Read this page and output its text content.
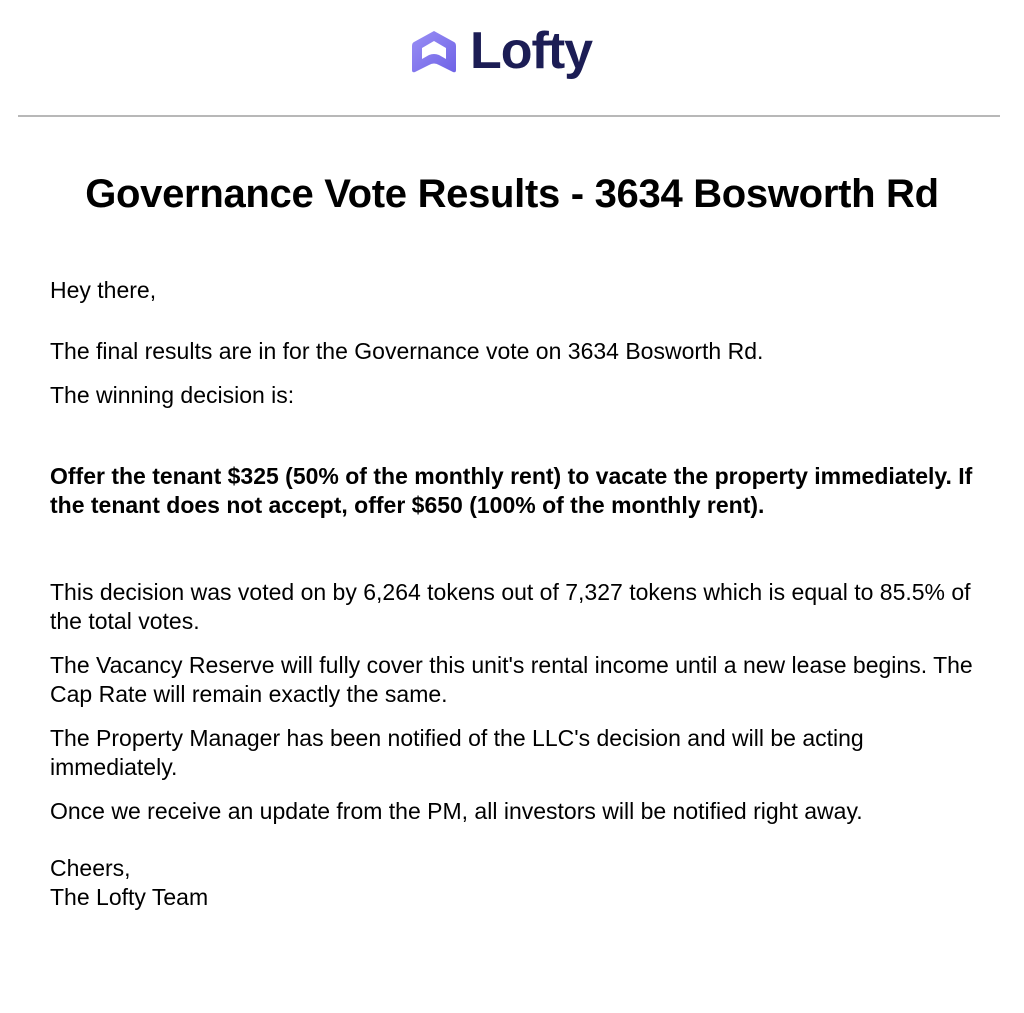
Lofty
Governance Vote Results - 3634 Bosworth Rd

Hey there,

The final results are in for the Governance vote on 3634 Bosworth Rd.

The winning decision is:

Offer the tenant $325 (50% of the monthly rent) to vacate the property immediately. If the tenant does not accept, offer $650 (100% of the monthly rent).

This decision was voted on by 6,264 tokens out of 7,327 tokens which is equal to 85.5% of the total votes.

The Vacancy Reserve will fully cover this unit's rental income until a new lease begins. The Cap Rate will remain exactly the same.

The Property Manager has been notified of the LLC's decision and will be acting immediately.

Once we receive an update from the PM, all investors will be notified right away.

Cheers,

The Lofty Team
